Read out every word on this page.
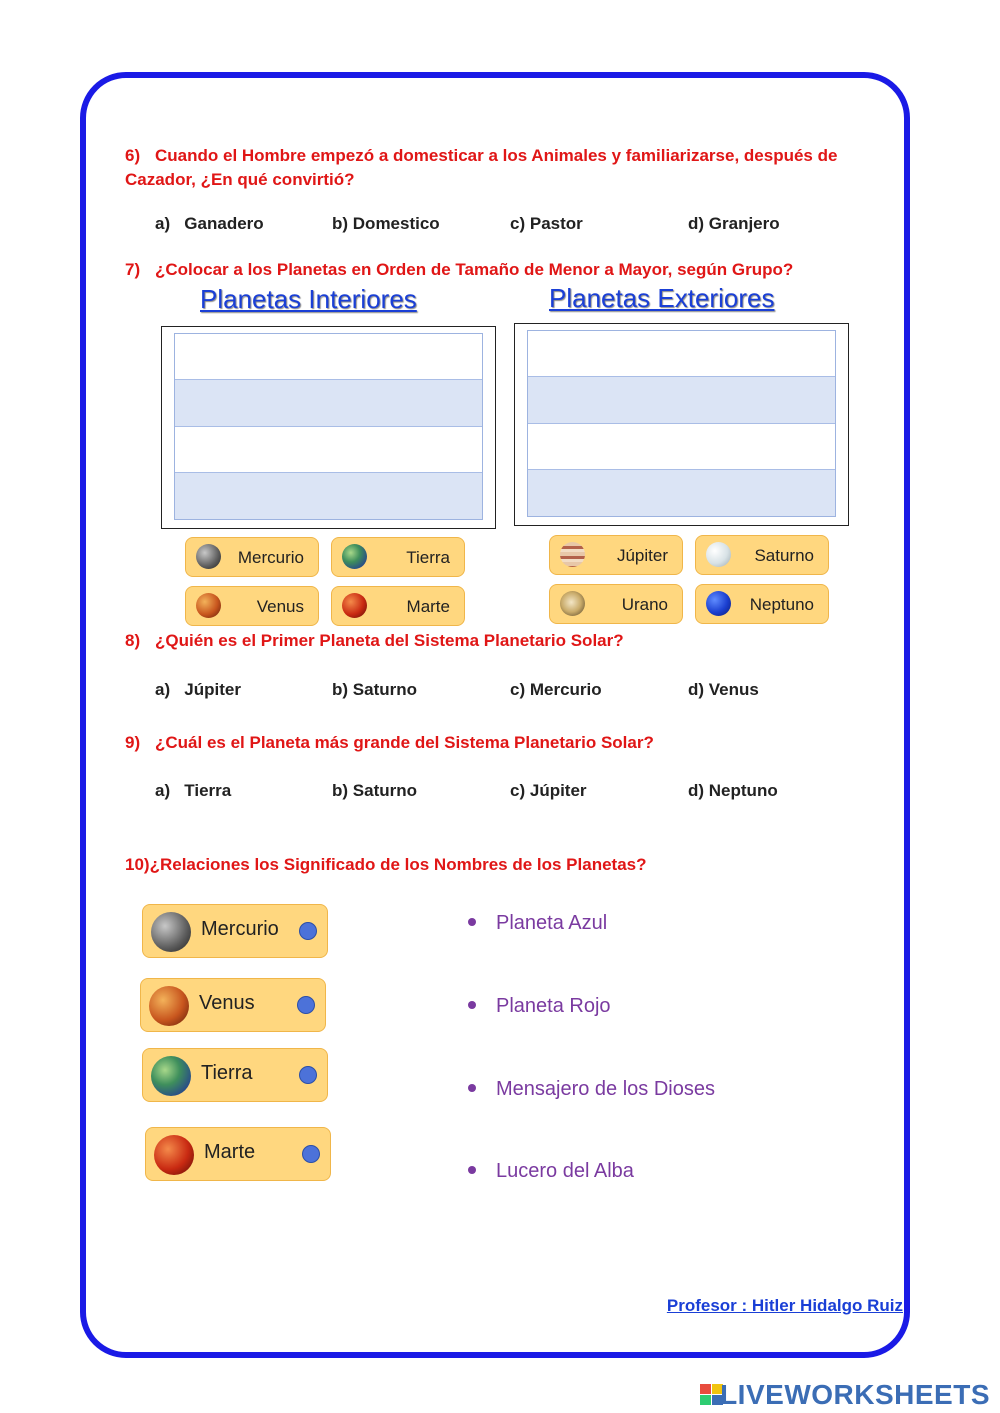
6) Cuando el Hombre empezó a domesticar a los Animales y familiarizarse, después de Cazador, ¿En qué convirtió?
a) Ganadero	b) Domestico	c) Pastor	d) Granjero
7) ¿Colocar a los Planetas en Orden de Tamaño de Menor a Mayor, según Grupo?
Planetas Interiores	Planetas Exteriores
Mercurio	Tierra
Venus	Marte
Júpiter	Saturno
Urano	Neptuno
8) ¿Quién es el Primer Planeta del Sistema Planetario Solar?
a) Júpiter	b) Saturno	c) Mercurio	d) Venus
9) ¿Cuál es el Planeta más grande del Sistema Planetario Solar?
a) Tierra	b) Saturno	c) Júpiter	d) Neptuno
10)¿Relaciones los Significado de los Nombres de los Planetas?
Mercurio
Venus
Tierra
Marte
Planeta Azul
Planeta Rojo
Mensajero de los Dioses
Lucero del Alba
Profesor : Hitler Hidalgo Ruiz
LIVEWORKSHEETS
